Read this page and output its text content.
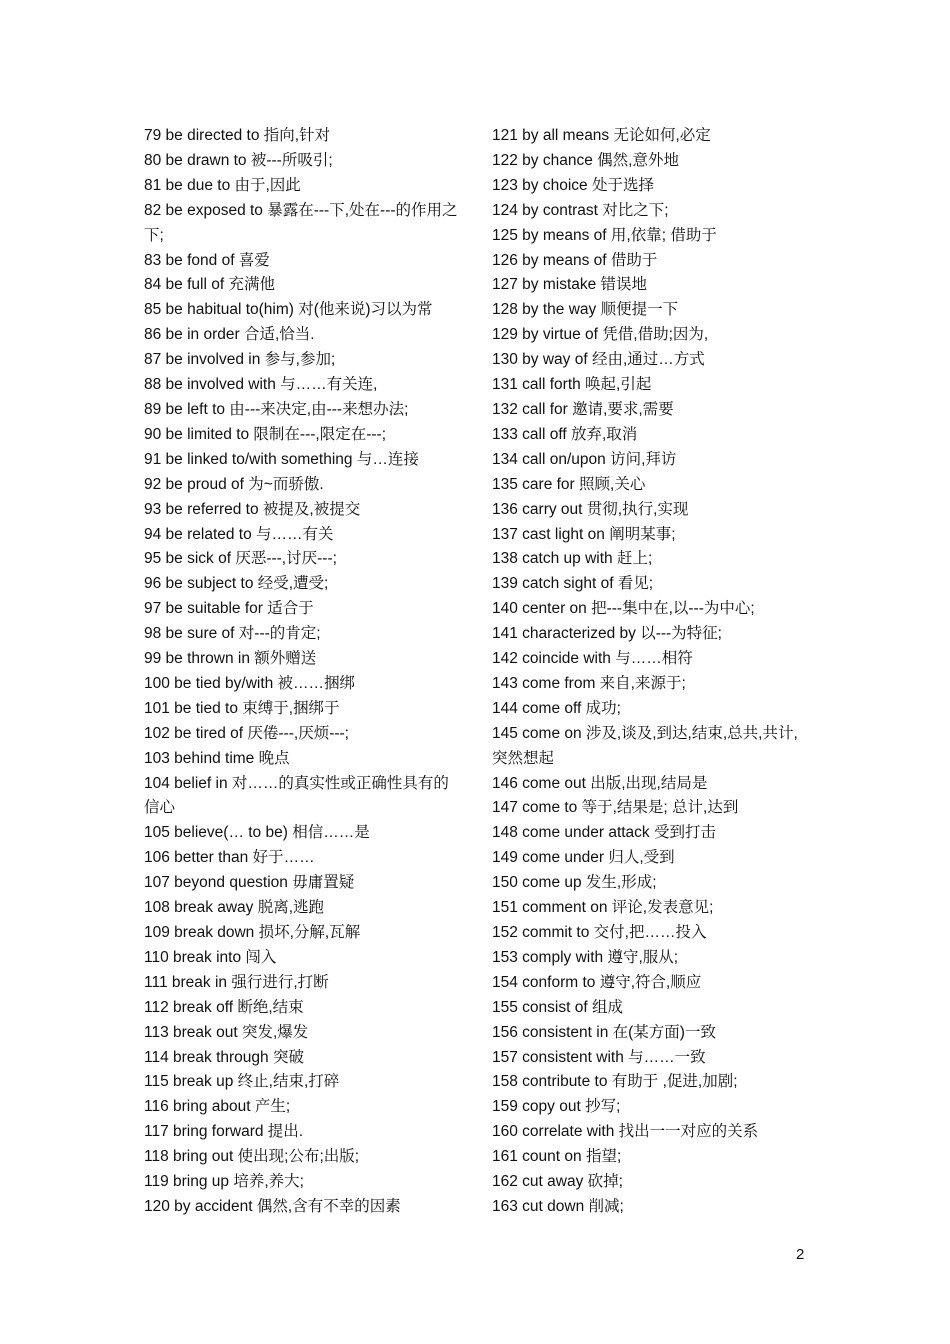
79 be directed to 指向,针对

80 be drawn to 被---所吸引;

81 be due to 由于,因此

82 be exposed to 暴露在---下,处在---的作用之下;

83 be fond of 喜爱

84 be full of 充满他

85 be habitual to(him) 对(他来说)习以为常

86 be in order 合适,恰当.

87 be involved in 参与,参加;

88 be involved with 与……有关连,

89 be left to 由---来决定,由---来想办法;

90 be limited to 限制在---,限定在---;

91 be linked to/with something 与…连接

92 be proud of 为~而骄傲.

93 be referred to 被提及,被提交

94 be related to 与……有关

95 be sick of 厌恶---,讨厌---;

96 be subject to 经受,遭受;

97 be suitable for 适合于

98 be sure of 对---的肯定;

99 be thrown in 额外赠送

100 be tied by/with 被……捆绑

101 be tied to 束缚于,捆绑于

102 be tired of 厌倦---,厌烦---;

103 behind time 晚点

104 belief in 对……的真实性或正确性具有的信心

105 believe(… to be) 相信……是

106 better than 好于……

107 beyond question 毋庸置疑

108 break away 脱离,逃跑

109 break down 损坏,分解,瓦解

110 break into 闯入

111 break in 强行进行,打断

112 break off 断绝,结束

113 break out 突发,爆发

114 break through 突破

115 break up 终止,结束,打碎

116 bring about 产生;

117 bring forward 提出.

118 bring out 使出现;公布;出版;

119 bring up 培养,养大;

120 by accident 偶然,含有不幸的因素

121 by all means 无论如何,必定

122 by chance 偶然,意外地

123 by choice 处于选择

124 by contrast 对比之下;

125 by means of 用,依靠; 借助于

126 by means of 借助于

127 by mistake 错误地

128 by the way 顺便提一下

129 by virtue of 凭借,借助;因为,

130 by way of 经由,通过…方式

131 call forth 唤起,引起

132 call for 邀请,要求,需要

133 call off 放弃,取消

134 call on/upon 访问,拜访

135 care for 照顾,关心

136 carry out 贯彻,执行,实现

137 cast light on 阐明某事;

138 catch up with 赶上;

139 catch sight of 看见;

140 center on 把---集中在,以---为中心;

141 characterized by 以---为特征;

142 coincide with 与……相符

143 come from 来自,来源于;

144 come off 成功;

145 come on 涉及,谈及,到达,结束,总共,共计,突然想起

146 come out 出版,出现,结局是

147 come to 等于,结果是; 总计,达到

148 come under attack 受到打击

149 come under 归人,受到

150 come up 发生,形成;

151 comment on 评论,发表意见;

152 commit to 交付,把……投入

153 comply with 遵守,服从;

154 conform to 遵守,符合,顺应

155 consist of 组成

156 consistent in 在(某方面)一致

157 consistent with 与……一致

158 contribute to 有助于 ,促进,加剧;

159 copy out 抄写;

160 correlate with 找出一一对应的关系

161 count on 指望;

162 cut away 砍掉;

163 cut down 削减;

2
